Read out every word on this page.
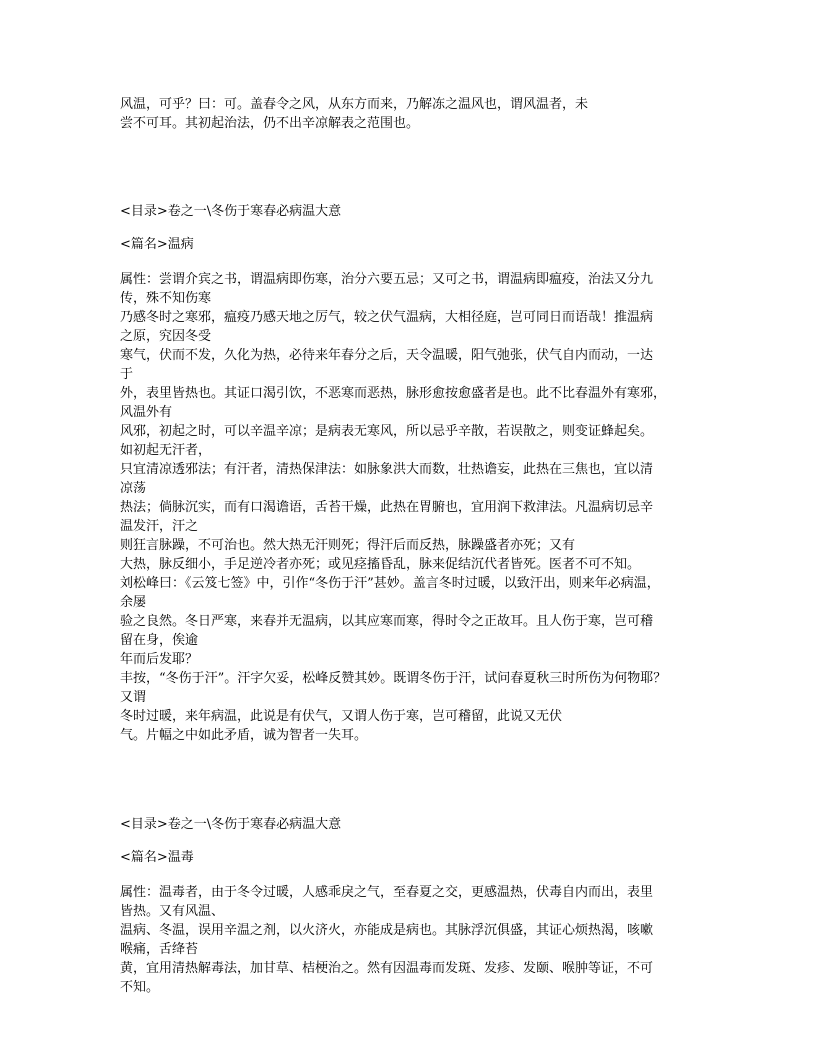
风温，可乎？曰：可。盖春令之风，从东方而来，乃解冻之温风也，谓风温者，未
尝不可耳。其初起治法，仍不出辛凉解表之范围也。
<目录>卷之一\冬伤于寒春必病温大意
<篇名>温病
属性：尝谓介宾之书，谓温病即伤寒，治分六要五忌；又可之书，谓温病即瘟疫，治法又分九
传，殊不知伤寒
乃感冬时之寒邪，瘟疫乃感天地之厉气，较之伏气温病，大相径庭，岂可同日而语哉！推温病
之原，究因冬受
寒气，伏而不发，久化为热，必待来年春分之后，天令温暖，阳气弛张，伏气自内而动，一达
于
外，表里皆热也。其证口渴引饮，不恶寒而恶热，脉形愈按愈盛者是也。此不比春温外有寒邪，
风温外有
风邪，初起之时，可以辛温辛凉；是病表无寒风，所以忌乎辛散，若误散之，则变证蜂起矣。
如初起无汗者，
只宜清凉透邪法；有汗者，清热保津法：如脉象洪大而数，壮热谵妄，此热在三焦也，宜以清
凉荡
热法；倘脉沉实，而有口渴谵语，舌苔干燥，此热在胃腑也，宜用润下救津法。凡温病切忌辛
温发汗，汗之
则狂言脉躁，不可治也。然大热无汗则死；得汗后而反热，脉躁盛者亦死；又有
大热，脉反细小，手足逆冷者亦死；或见痉搐昏乱，脉来促结沉代者皆死。医者不可不知。
刘松峰曰：《云笈七签》中，引作“冬伤于汗”甚妙。盖言冬时过暖，以致汗出，则来年必病温，
余屡
验之良然。冬日严寒，来春并无温病，以其应寒而寒，得时令之正故耳。且人伤于寒，岂可稽
留在身，俟逾
年而后发耶？
丰按，“冬伤于汗”。汗字欠妥，松峰反赞其妙。既谓冬伤于汗，试问春夏秋三时所伤为何物耶？
又谓
冬时过暖，来年病温，此说是有伏气，又谓人伤于寒，岂可稽留，此说又无伏
气。片幅之中如此矛盾，诚为智者一失耳。
<目录>卷之一\冬伤于寒春必病温大意
<篇名>温毒
属性：温毒者，由于冬令过暖，人感乖戾之气，至春夏之交，更感温热，伏毒自内而出，表里
皆热。又有风温、
温病、冬温，误用辛温之剂，以火济火，亦能成是病也。其脉浮沉俱盛，其证心烦热渴，咳嗽
喉痛，舌绛苔
黄，宜用清热解毒法，加甘草、桔梗治之。然有因温毒而发斑、发疹、发颐、喉肿等证，不可
不知。
